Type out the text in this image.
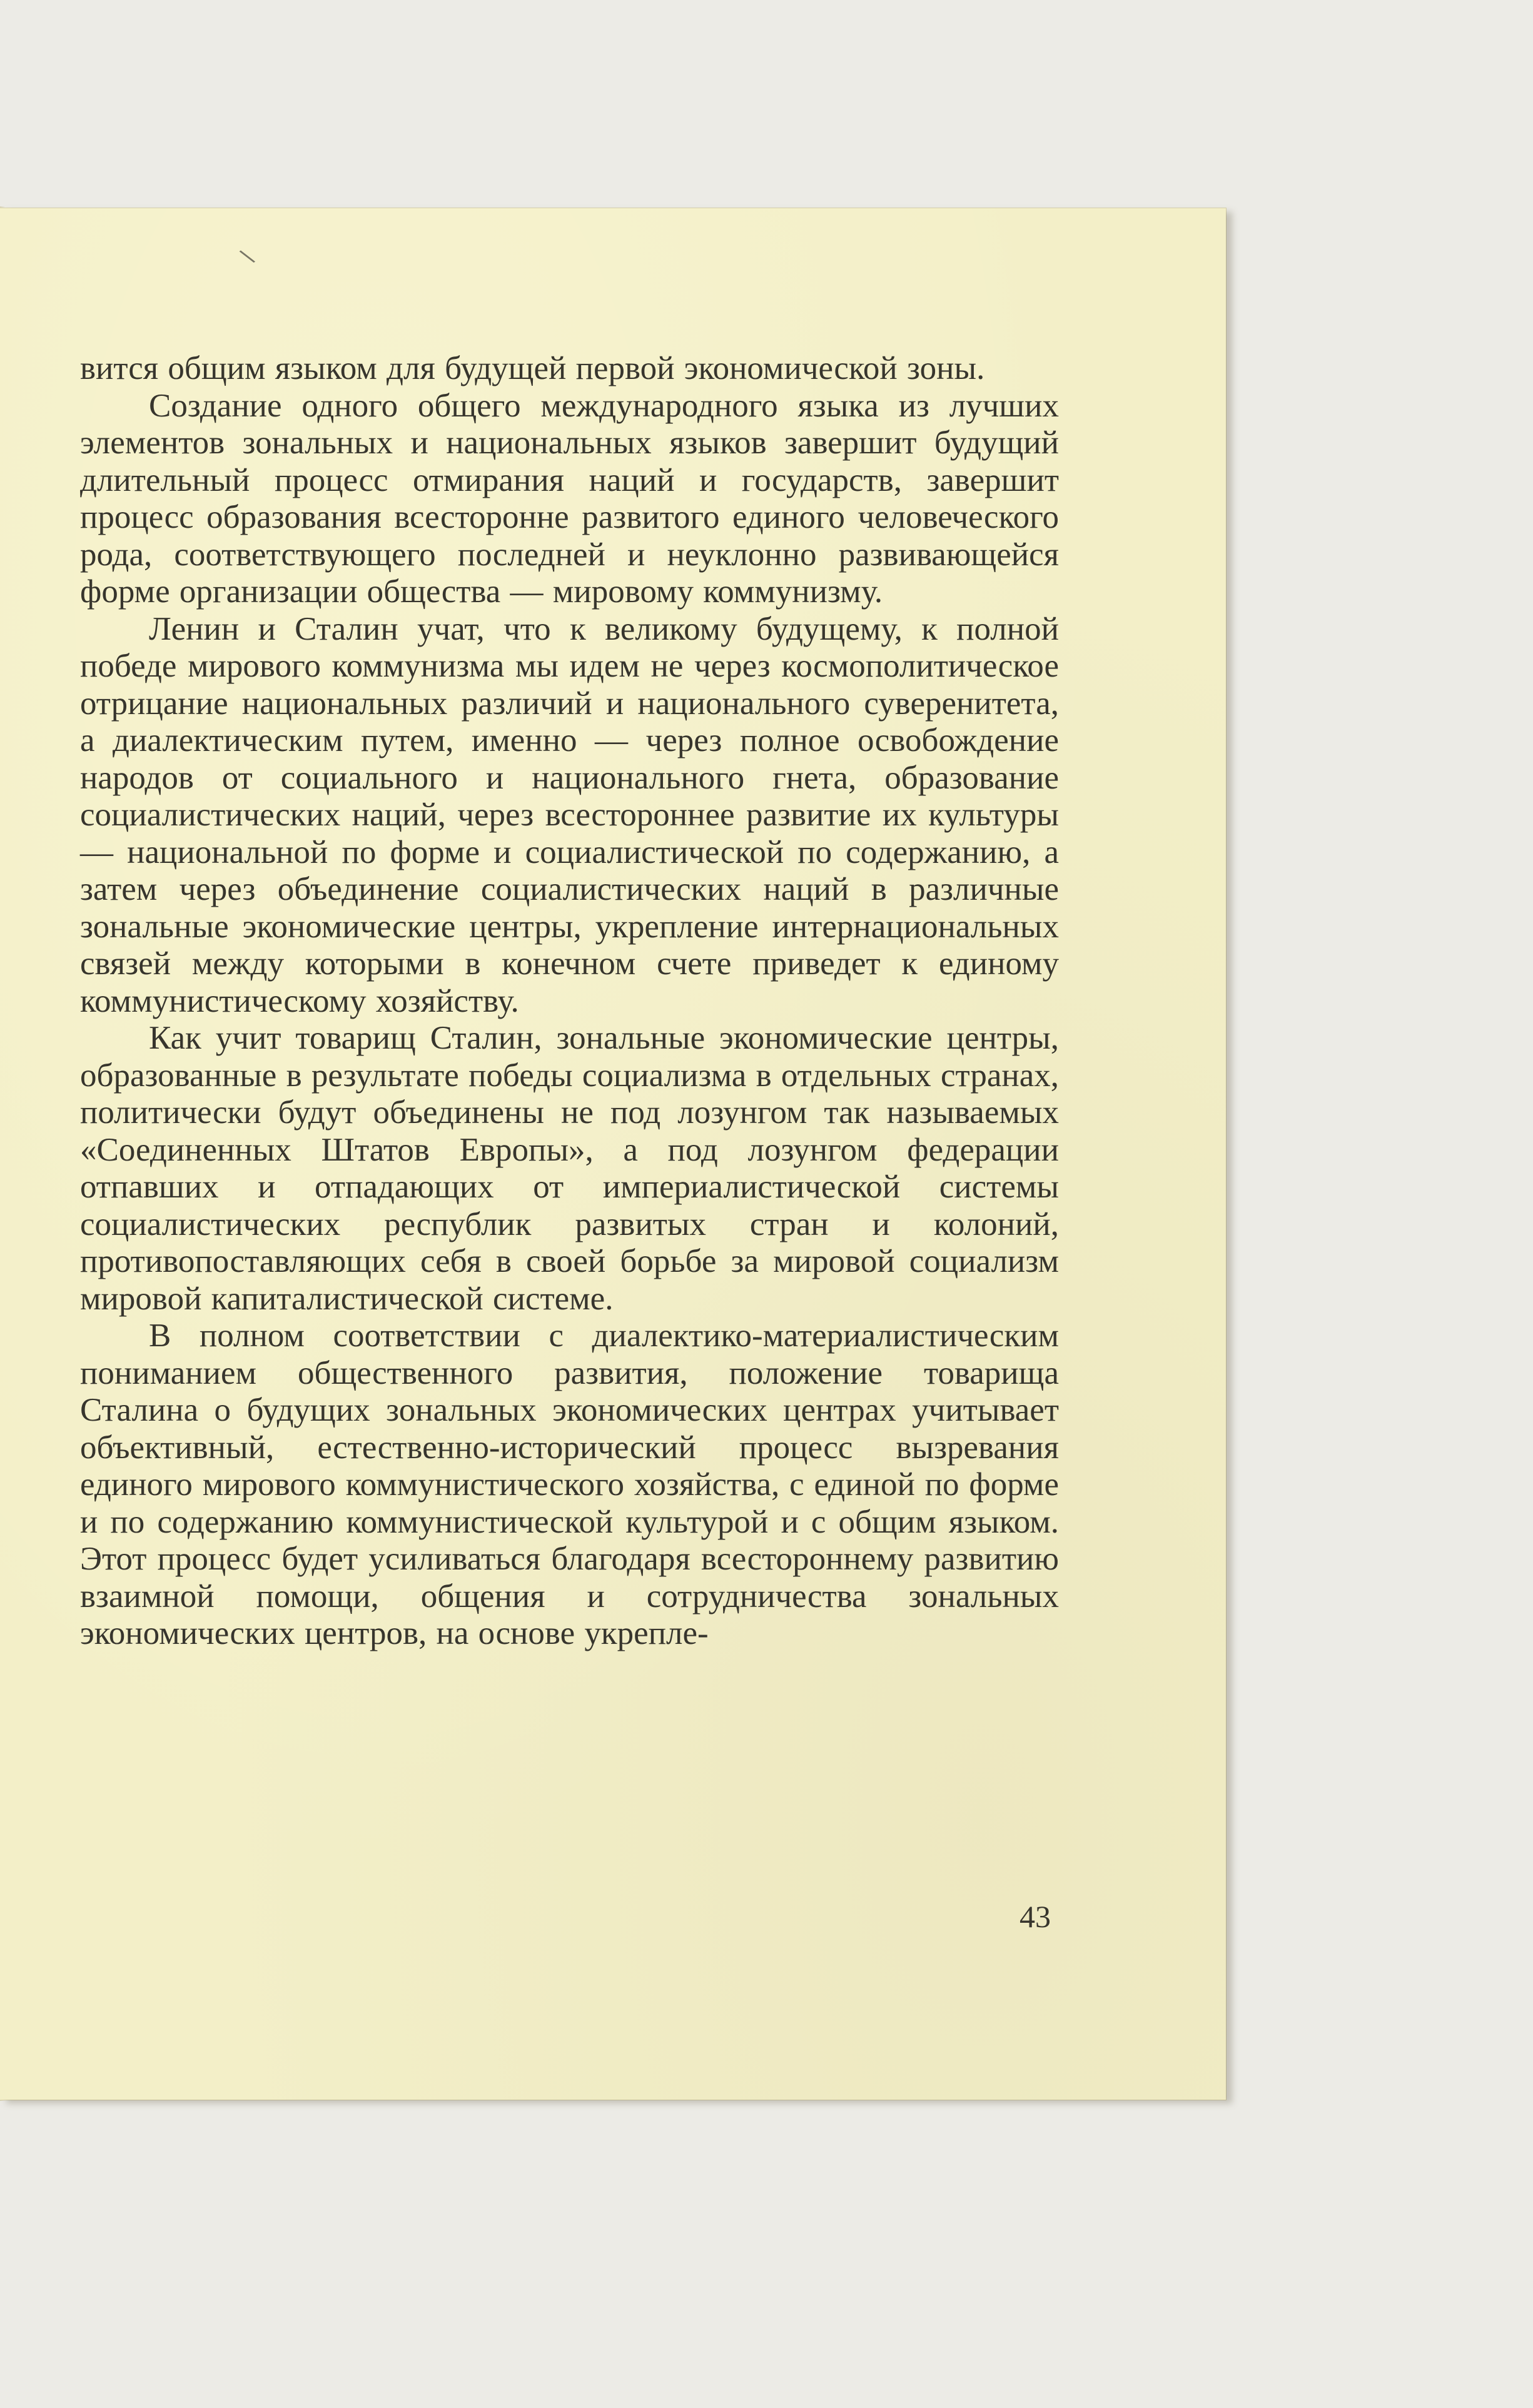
∖

вится общим языком для будущей первой экономической зоны.

Создание одного общего международного языка из лучших элементов зональных и национальных языков завершит будущий длительный процесс отмирания наций и государств, завершит процесс образования всесторонне развитого единого человеческого рода, соответствующего последней и неуклонно развивающейся форме организации общества — мировому коммунизму.

Ленин и Сталин учат, что к великому будущему, к полной победе мирового коммунизма мы идем не через космополитическое отрицание национальных различий и национального суверенитета, а диалектическим путем, именно — через полное освобождение народов от социального и национального гнета, образование социалистических наций, через всестороннее развитие их культуры — национальной по форме и социалистической по содержанию, а затем через объединение социалистических наций в различные зональные экономические центры, укрепление интернациональных связей между которыми в конечном счете приведет к единому коммунистическому хозяйству.

Как учит товарищ Сталин, зональные экономические центры, образованные в результате победы социализма в отдельных странах, политически будут объединены не под лозунгом так называемых «Соединенных Штатов Европы», а под лозунгом федерации отпавших и отпадающих от империалистической системы социалистических республик развитых стран и колоний, противопоставляющих себя в своей борьбе за мировой социализм мировой капиталистической системе.

В полном соответствии с диалектико-материалистическим пониманием общественного развития, положение товарища Сталина о будущих зональных экономических центрах учитывает объективный, естественно-исторический процесс вызревания единого мирового коммунистического хозяйства, с единой по форме и по содержанию коммунистической культурой и с общим языком. Этот процесс будет усиливаться благодаря всестороннему развитию взаимной помощи, общения и сотрудничества зональных экономических центров, на основе укрепле-

43
